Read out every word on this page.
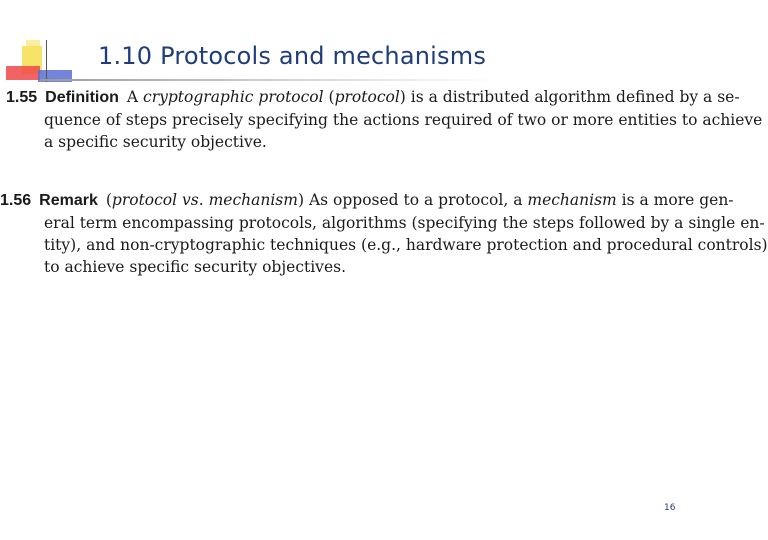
1.10 Protocols and mechanisms
1.55 Definition A cryptographic protocol (protocol) is a distributed algorithm defined by a se-
quence of steps precisely specifying the actions required of two or more entities to achieve
a specific security objective.
1.56 Remark (protocol vs. mechanism) As opposed to a protocol, a mechanism is a more gen-
eral term encompassing protocols, algorithms (specifying the steps followed by a single en-
tity), and non-cryptographic techniques (e.g., hardware protection and procedural controls)
to achieve specific security objectives.
16
